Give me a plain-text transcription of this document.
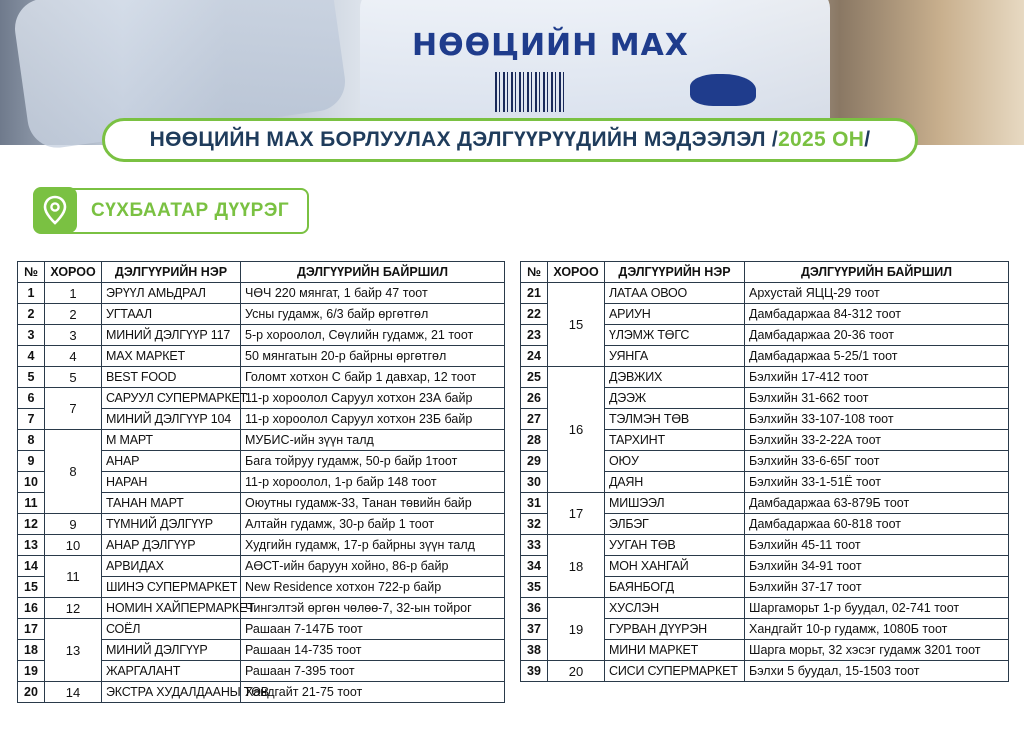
НӨӨЦИЙН МАХ
НӨӨЦИЙН МАХ БОРЛУУЛАХ ДЭЛГҮҮРҮҮДИЙН МЭДЭЭЛЭЛ / 2025 ОН /
СҮХБААТАР ДҮҮРЭГ
№	ХОРОО	ДЭЛГҮҮРИЙН НЭР	ДЭЛГҮҮРИЙН БАЙРШИЛ
1	1	ЭРҮҮЛ АМЬДРАЛ	ЧӨЧ 220 мянгат, 1 байр 47 тоот
2	2	УГТААЛ	Усны гудамж, 6/3 байр өргөтгөл
3	3	МИНИЙ ДЭЛГҮҮР 117	5-р хороолол, Сөүлийн гудамж, 21 тоот
4	4	МАХ МАРКЕТ	50 мянгатын 20-р байрны өргөтгөл
5	5	BEST FOOD	Голомт хотхон С байр 1 давхар, 12 тоот
6	7	САРУУЛ СУПЕРМАРКЕТ	11-р хороолол Саруул хотхон 23А байр
7		МИНИЙ ДЭЛГҮҮР 104	11-р хороолол Саруул хотхон 23Б байр
8	8	М МАРТ	МУБИС-ийн зүүн талд
9		АНАР	Бага тойруу гудамж, 50-р байр 1тоот
10		НАРАН	11-р хороолол, 1-р байр 148 тоот
11		ТАНАН МАРТ	Оюутны гудамж-33, Танан төвийн байр
12	9	ТҮМНИЙ ДЭЛГҮҮР	Алтайн гудамж, 30-р байр 1 тоот
13	10	АНАР ДЭЛГҮҮР	Худгийн гудамж, 17-р байрны зүүн талд
14	11	АРВИДАХ	АӨСТ-ийн баруун хойно, 86-р байр
15		ШИНЭ СУПЕРМАРКЕТ	New Residence хотхон 722-р байр
16	12	НОМИН ХАЙПЕРМАРКЕТ	Чингэлтэй өргөн чөлөө-7, 32-ын тойрог
17	13	СОЁЛ	Рашаан 7-147Б тоот
18		МИНИЙ ДЭЛГҮҮР	Рашаан 14-735 тоот
19		ЖАРГАЛАНТ	Рашаан 7-395 тоот
20	14	ЭКСТРА ХУДАЛДААНЫ ТӨВ	Хандгайт 21-75 тоот
№	ХОРОО	ДЭЛГҮҮРИЙН НЭР	ДЭЛГҮҮРИЙН БАЙРШИЛ
21	15	ЛАТАА ОВОО	Архустай ЯЦЦ-29 тоот
22		АРИУН	Дамбадаржаа 84-312 тоот
23		ҮЛЭМЖ ТӨГС	Дамбадаржаа 20-36 тоот
24		УЯНГА	Дамбадаржаа 5-25/1 тоот
25	16	ДЭВЖИХ	Бэлхийн 17-412 тоот
26		ДЭЭЖ	Бэлхийн 31-662 тоот
27		ТЭЛМЭН ТӨВ	Бэлхийн 33-107-108 тоот
28		ТАРХИНТ	Бэлхийн 33-2-22А тоот
29		ОЮУ	Бэлхийн 33-6-65Г тоот
30		ДАЯН	Бэлхийн 33-1-51Ё тоот
31	17	МИШЭЭЛ	Дамбадаржаа 63-879Б тоот
32		ЭЛБЭГ	Дамбадаржаа 60-818 тоот
33	18	УУГАН ТӨВ	Бэлхийн 45-11 тоот
34		МОН ХАНГАЙ	Бэлхийн 34-91 тоот
35		БАЯНБОГД	Бэлхийн 37-17 тоот
36	19	ХУСЛЭН	Шаргаморьт 1-р буудал, 02-741 тоот
37		ГУРВАН ДҮҮРЭН	Хандгайт 10-р гудамж, 1080Б тоот
38		МИНИ МАРКЕТ	Шарга морьт, 32 хэсэг гудамж 3201 тоот
39	20	СИСИ СУПЕРМАРКЕТ	Бэлхи 5 буудал, 15-1503 тоот
